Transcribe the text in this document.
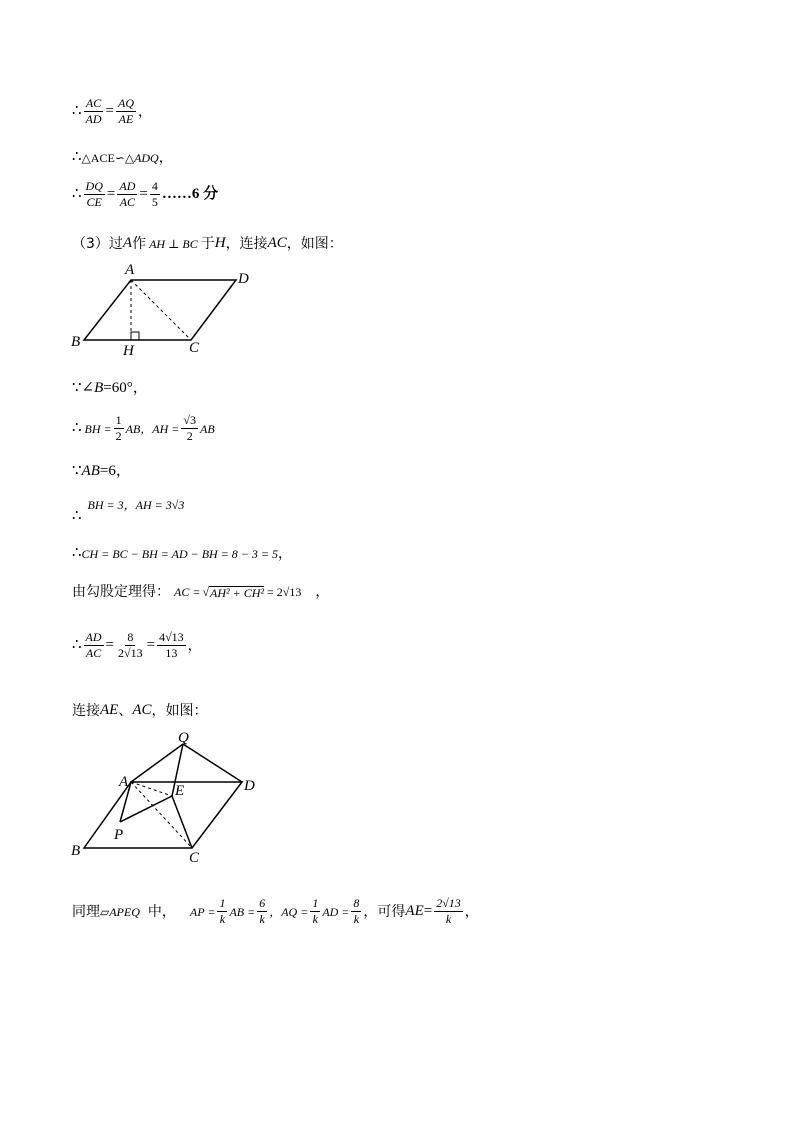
∴ $\frac{AC}{AD} = \frac{AQ}{AE}$ ，
∴ △ACE∽△ ADQ ，
∴ $\frac{DQ}{CE} = \frac{AD}{AC} = \frac{4}{5}$ ……6 分
（3）过 A 作 AH ⊥ BC 于 H ，连接 AC ，如图：
A
D
B
H	C
∵∠ B =60°，
∴ BH = $\frac{1}{2}$ AB，AH = $\frac{√3}{2}$ AB
∵ AB =6，
∴
BH = 3，AH = 3√3
∴ CH = BC − BH = AD − BH = 8 − 3 = 5 ，
由勾股定理得： AC = √ AH² + CH² = 2√13 ，
∴ $\frac{AD}{AC} = \frac{8}{2√13} = \frac{4√13}{13}$ ，
连接 AE 、 AC ，如图：
Q
A
E	D
P
B	C
同理 ▱APEQ 中， AP = $\frac{1}{k}$ AB = $\frac{6}{k}$ ，AQ = $\frac{1}{k}$ AD = $\frac{8}{k}$ ，可得 AE = $\frac{2√13}{k}$ ，
